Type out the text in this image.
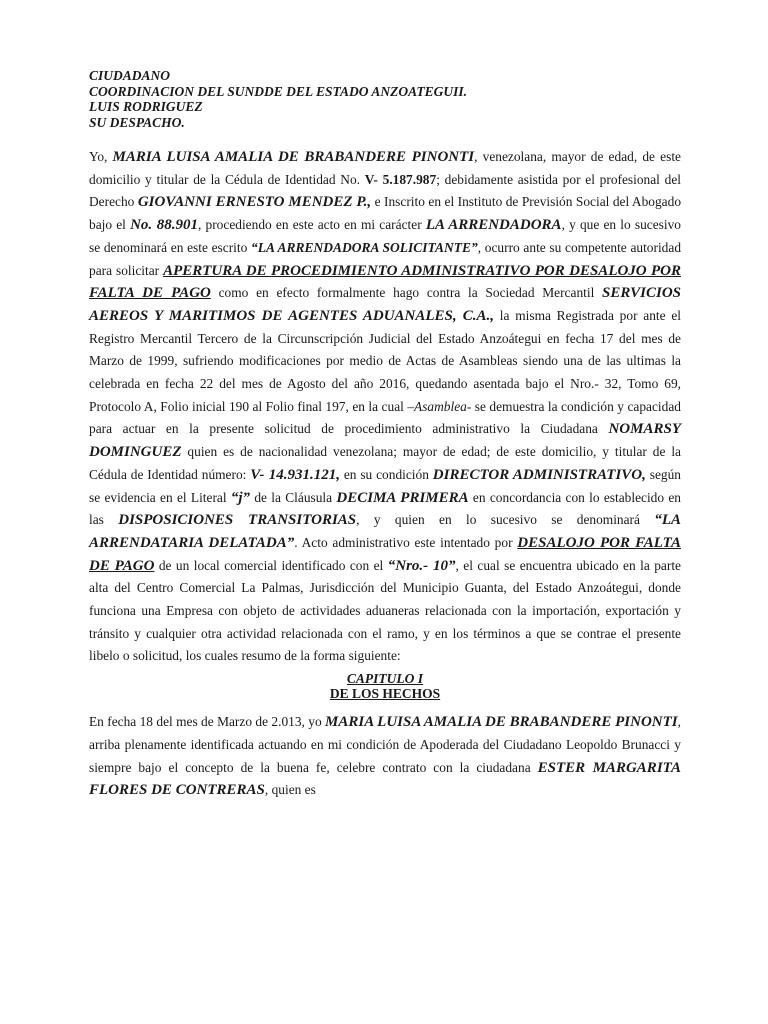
CIUDADANO
COORDINACION DEL SUNDDE DEL ESTADO ANZOATEGUII.
LUIS RODRIGUEZ
SU DESPACHO.

Yo, MARIA LUISA AMALIA DE BRABANDERE PINONTI, venezolana, mayor de edad, de este domicilio y titular de la Cédula de Identidad No. V- 5.187.987; debidamente asistida por el profesional del Derecho GIOVANNI ERNESTO MENDEZ P., e Inscrito en el Instituto de Previsión Social del Abogado bajo el No. 88.901, procediendo en este acto en mi carácter LA ARRENDADORA, y que en lo sucesivo se denominará en este escrito “LA ARRENDADORA SOLICITANTE”, ocurro ante su competente autoridad para solicitar APERTURA DE PROCEDIMIENTO ADMINISTRATIVO POR DESALOJO POR FALTA DE PAGO como en efecto formalmente hago contra la Sociedad Mercantil SERVICIOS AEREOS Y MARITIMOS DE AGENTES ADUANALES, C.A., la misma Registrada por ante el Registro Mercantil Tercero de la Circunscripción Judicial del Estado Anzoátegui en fecha 17 del mes de Marzo de 1999, sufriendo modificaciones por medio de Actas de Asambleas siendo una de las ultimas la celebrada en fecha 22 del mes de Agosto del año 2016, quedando asentada bajo el Nro.- 32, Tomo 69, Protocolo A, Folio inicial 190 al Folio final 197, en la cual –Asamblea- se demuestra la condición y capacidad para actuar en la presente solicitud de procedimiento administrativo la Ciudadana NOMARSY DOMINGUEZ quien es de nacionalidad venezolana; mayor de edad; de este domicilio, y titular de la Cédula de Identidad número: V- 14.931.121, en su condición DIRECTOR ADMINISTRATIVO, según se evidencia en el Literal “j” de la Cláusula DECIMA PRIMERA en concordancia con lo establecido en las DISPOSICIONES TRANSITORIAS, y quien en lo sucesivo se denominará “LA ARRENDATARIA DELATADA”. Acto administrativo este intentado por DESALOJO POR FALTA DE PAGO de un local comercial identificado con el “Nro.- 10”, el cual se encuentra ubicado en la parte alta del Centro Comercial La Palmas, Jurisdicción del Municipio Guanta, del Estado Anzoátegui, donde funciona una Empresa con objeto de actividades aduaneras relacionada con la importación, exportación y tránsito y cualquier otra actividad relacionada con el ramo, y en los términos a que se contrae el presente libelo o solicitud, los cuales resumo de la forma siguiente:

CAPITULO I
DE LOS HECHOS

En fecha 18 del mes de Marzo de 2.013, yo MARIA LUISA AMALIA DE BRABANDERE PINONTI, arriba plenamente identificada actuando en mi condición de Apoderada del Ciudadano Leopoldo Brunacci y siempre bajo el concepto de la buena fe, celebre contrato con la ciudadana ESTER MARGARITA FLORES DE CONTRERAS, quien es
